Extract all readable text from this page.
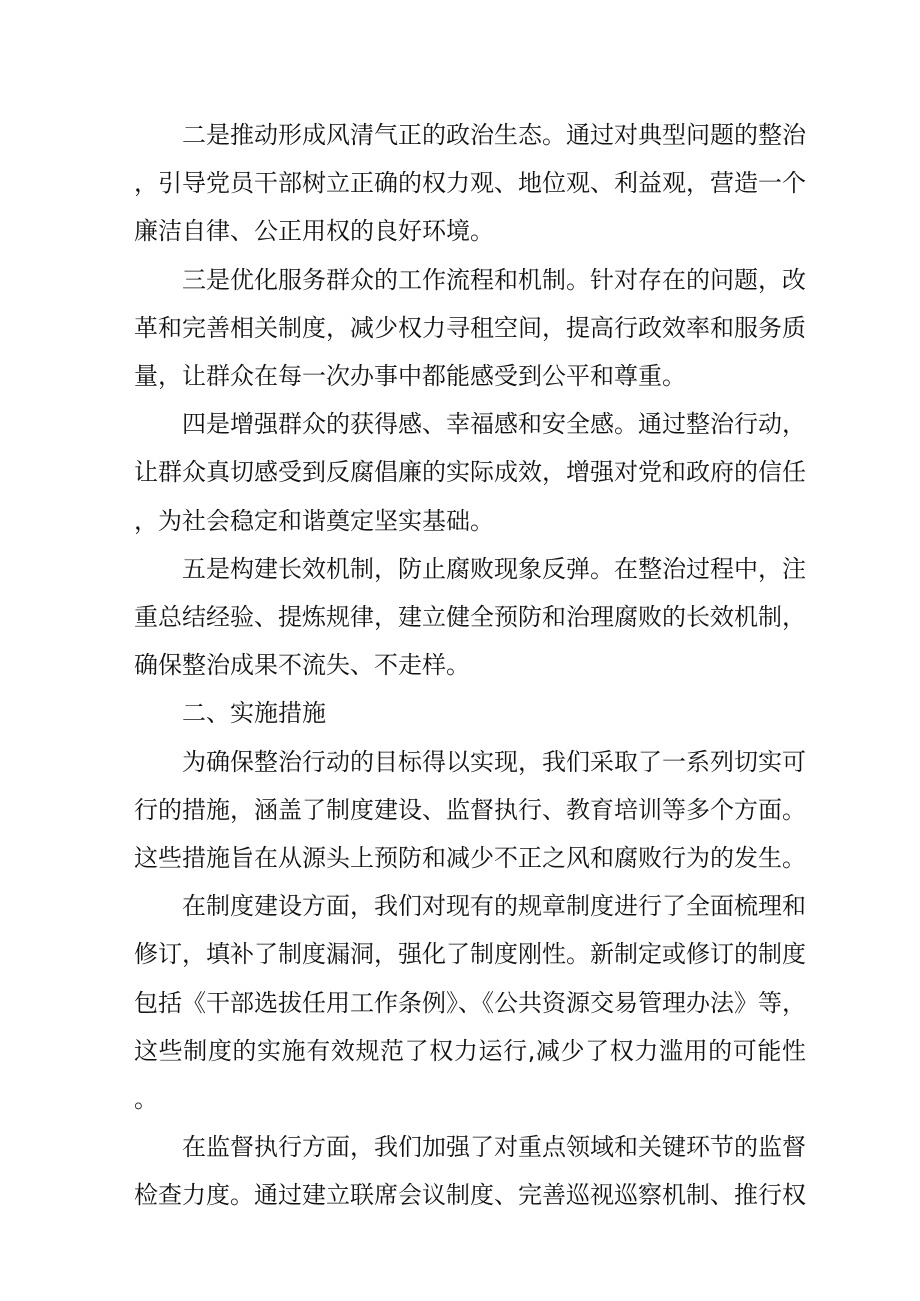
二是推动形成风清气正的政治生态。通过对典型问题的整治，引导党员干部树立正确的权力观、地位观、利益观，营造一个廉洁自律、公正用权的良好环境。

三是优化服务群众的工作流程和机制。针对存在的问题，改革和完善相关制度，减少权力寻租空间，提高行政效率和服务质量，让群众在每一次办事中都能感受到公平和尊重。

四是增强群众的获得感、幸福感和安全感。通过整治行动，让群众真切感受到反腐倡廉的实际成效，增强对党和政府的信任，为社会稳定和谐奠定坚实基础。

五是构建长效机制，防止腐败现象反弹。在整治过程中，注重总结经验、提炼规律，建立健全预防和治理腐败的长效机制，确保整治成果不流失、不走样。

二、实施措施

为确保整治行动的目标得以实现，我们采取了一系列切实可行的措施，涵盖了制度建设、监督执行、教育培训等多个方面。这些措施旨在从源头上预防和减少不正之风和腐败行为的发生。

在制度建设方面，我们对现有的规章制度进行了全面梳理和修订，填补了制度漏洞，强化了制度刚性。新制定或修订的制度包括《干部选拔任用工作条例》、《公共资源交易管理办法》等，这些制度的实施有效规范了权力运行,减少了权力滥用的可能性。

在监督执行方面，我们加强了对重点领域和关键环节的监督检查力度。通过建立联席会议制度、完善巡视巡察机制、推行权
